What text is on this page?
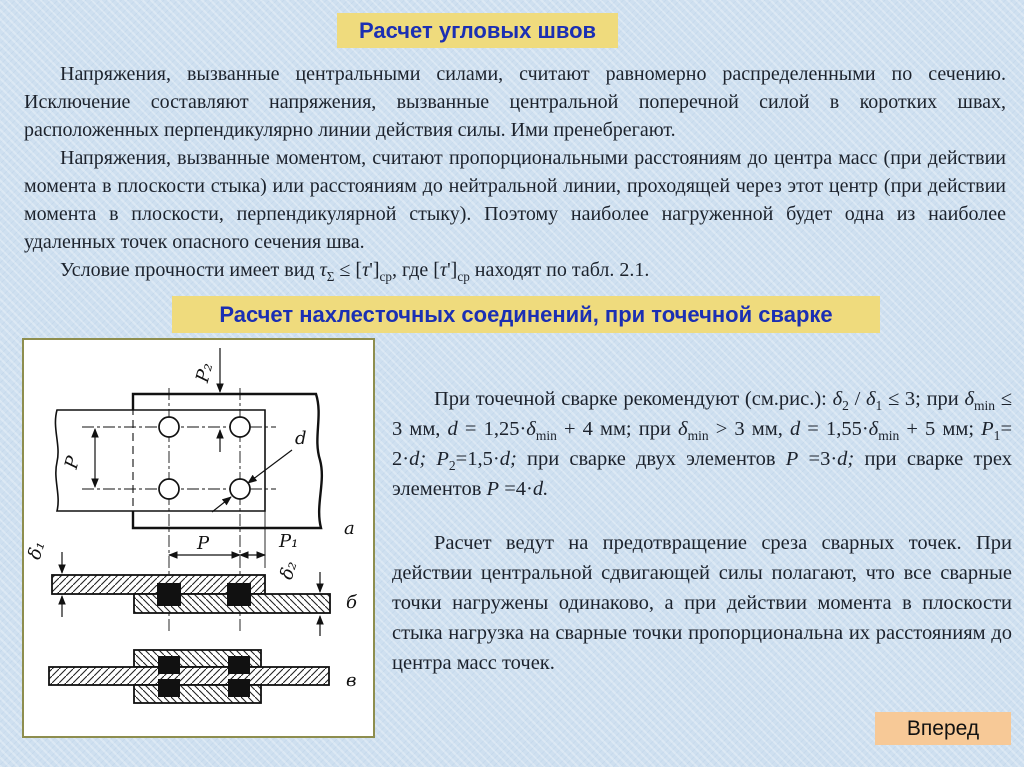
Расчет угловых швов

Напряжения, вызванные центральными силами, считают равномерно распределенными по сечению. Исключение составляют напряжения, вызванные центральной поперечной силой в коротких швах, расположенных перпендикулярно линии действия силы. Ими пренебрегают.

Напряжения, вызванные моментом, считают пропорциональными расстояниям до центра масс (при действии момента в плоскости стыка) или расстояниям до нейтральной линии, проходящей через этот центр (при действии момента в плоскости, перпендикулярной стыку). Поэтому наиболее нагруженной будет одна из наиболее удаленных точек опасного сечения шва.

Условие прочности имеет вид $\tau_\Sigma \le [\tau']_{ср}$, где $[\tau']_{ср}$ находят по табл. 2.1.

Расчет нахлесточных соединений, при точечной сварке
Р₂
Р
d
а
Р	Р₁
δ₁
δ₂
б
в

При точечной сварке рекомендуют (см.рис.): $\delta_2 / \delta_1 \le 3$; при $\delta_{min} \le 3$ мм, $d = 1,25\cdot\delta_{min} + 4$ мм; при $\delta_{min} > 3$ мм, $d = 1,55\cdot\delta_{min} + 5$ мм; $P_1= 2\cdot d$; $P_2=1,5\cdot d$; при сварке двух элементов P =3·d; при сварке трех элементов P =4·d.

Расчет ведут на предотвращение среза сварных точек. При действии центральной сдвигающей силы полагают, что все сварные точки нагружены одинаково, а при действии момента в плоскости стыка нагрузка на сварные точки пропорциональна их расстояниям до центра масс точек.

Вперед
